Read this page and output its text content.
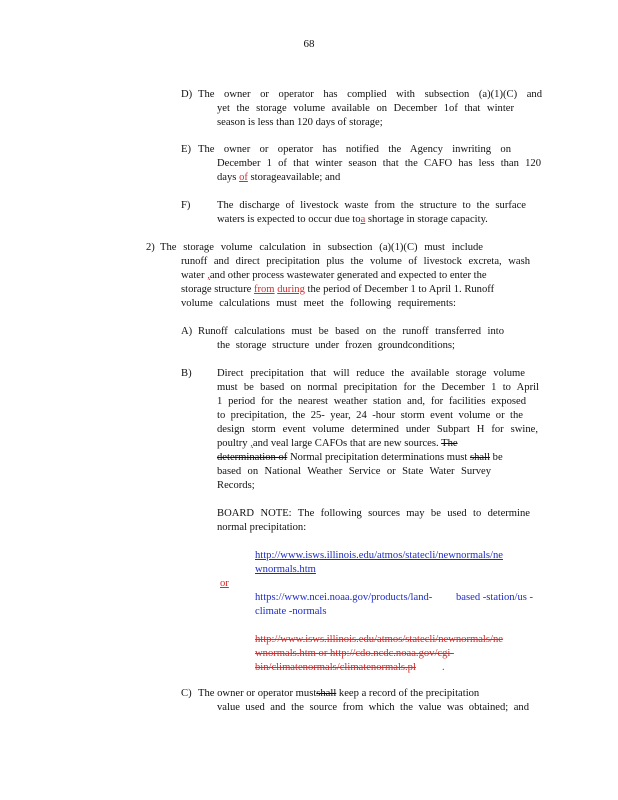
68
D) The owner or operator has complied with subsection (a)(1)(C) and
yet the storage volume available on December 1of that winter
season is less than 120 days of storage;
E) The owner or operator has notified the Agency inwriting on
December 1 of that winter season that the CAFO has less than 120
days of storageavailable; and
F)	The discharge of livestock waste from the structure to the surface
waters is expected to occur due toa shortage in storage capacity.
2) The storage volume calculation in subsection (a)(1)(C) must include
runoff and direct precipitation plus the volume of livestock excreta, wash
water ,and other process wastewater generated and expected to enter the
storage structure from during the period of December 1 to April 1. Runoff
volume calculations must meet the following requirements:
A) Runoff calculations must be based on the runoff transferred into
the storage structure under frozen groundconditions;
B) Direct precipitation that will reduce the available storage volume
must be based on normal precipitation for the December 1 to April
1 period for the nearest weather station and, for facilities exposed
to precipitation, the 25- year, 24 -hour storm event volume or the
design storm event volume determined under Subpart H for swine,
poultry ,and veal large CAFOs that are new sources. The
determination of Normal precipitation determinations must shall be
based on National Weather Service or State Water Survey
Records;
BOARD NOTE: The following sources may be used to determine
normal precipitation:
http://www.isws.illinois.edu/atmos/statecli/newnormals/ne
wnormals.htm
or
https://www.ncei.noaa.gov/products/land- based -station/us -
climate -normals
http://www.isws.illinois.edu/atmos/statecli/newnormals/ne
wnormals.htm or http://cdo.ncdc.noaa.gov/cgi-
bin/climatenormals/climatenormals.pl .
C) The owner or operator mustshall keep a record of the precipitation
value used and the source from which the value was obtained; and
